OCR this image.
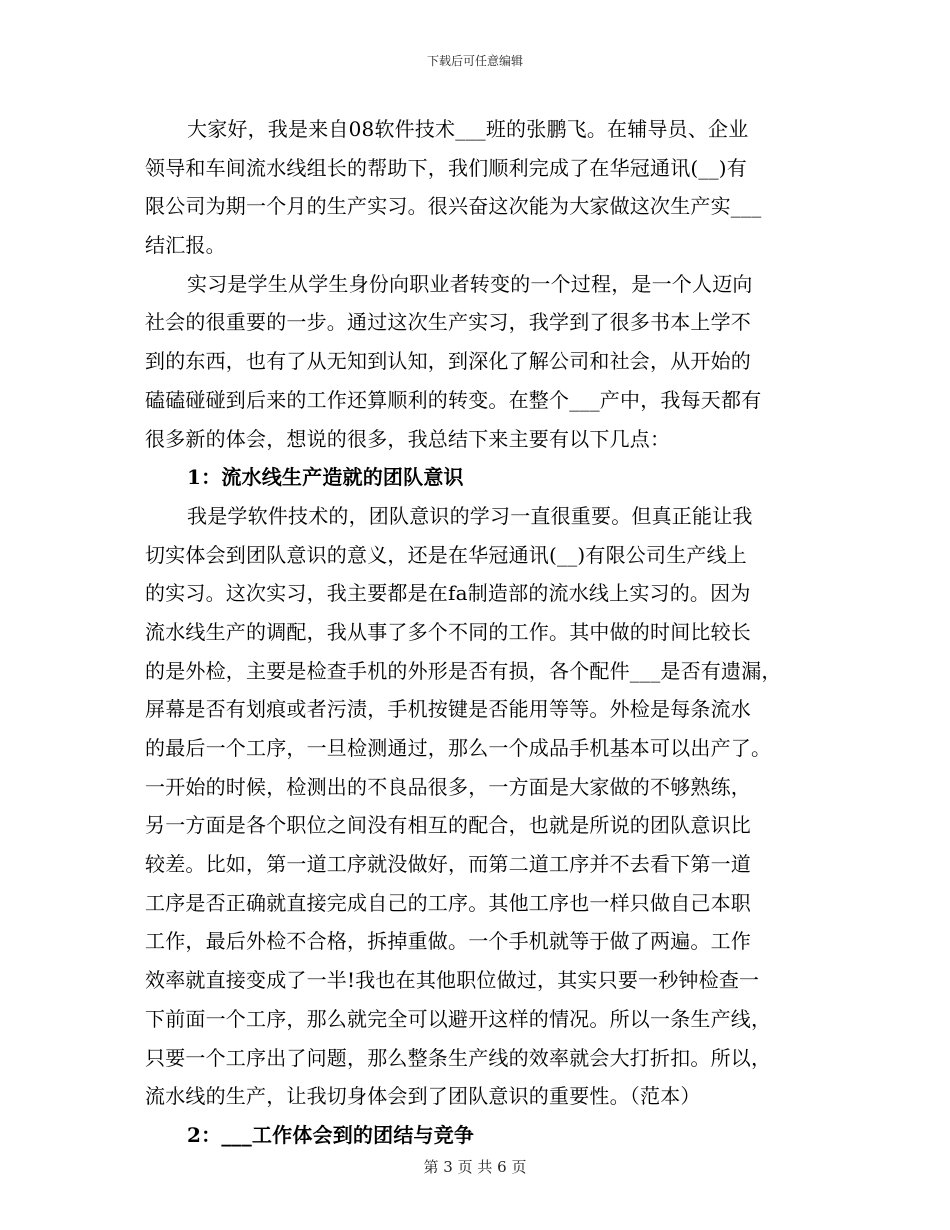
下载后可任意编辑
大家好，我是来自08软件技术___班的张鹏飞。在辅导员、企业
领导和车间流水线组长的帮助下，我们顺利完成了在华冠通讯(__)有
限公司为期一个月的生产实习。很兴奋这次能为大家做这次生产实___
结汇报。
实习是学生从学生身份向职业者转变的一个过程，是一个人迈向
社会的很重要的一步。通过这次生产实习，我学到了很多书本上学不
到的东西，也有了从无知到认知，到深化了解公司和社会，从开始的
磕磕碰碰到后来的工作还算顺利的转变。在整个___产中，我每天都有
很多新的体会，想说的很多，我总结下来主要有以下几点：
1：流水线生产造就的团队意识
我是学软件技术的，团队意识的学习一直很重要。但真正能让我
切实体会到团队意识的意义，还是在华冠通讯(__)有限公司生产线上
的实习。这次实习，我主要都是在fa制造部的流水线上实习的。因为
流水线生产的调配，我从事了多个不同的工作。其中做的时间比较长
的是外检，主要是检查手机的外形是否有损，各个配件___是否有遗漏，
屏幕是否有划痕或者污渍，手机按键是否能用等等。外检是每条流水
的最后一个工序，一旦检测通过，那么一个成品手机基本可以出产了。
一开始的时候，检测出的不良品很多，一方面是大家做的不够熟练，
另一方面是各个职位之间没有相互的配合，也就是所说的团队意识比
较差。比如，第一道工序就没做好，而第二道工序并不去看下第一道
工序是否正确就直接完成自己的工序。其他工序也一样只做自己本职
工作，最后外检不合格，拆掉重做。一个手机就等于做了两遍。工作
效率就直接变成了一半!我也在其他职位做过，其实只要一秒钟检查一
下前面一个工序，那么就完全可以避开这样的情况。所以一条生产线，
只要一个工序出了问题，那么整条生产线的效率就会大打折扣。所以，
流水线的生产，让我切身体会到了团队意识的重要性。（范本）
2：___工作体会到的团结与竞争
第 3 页 共 6 页
